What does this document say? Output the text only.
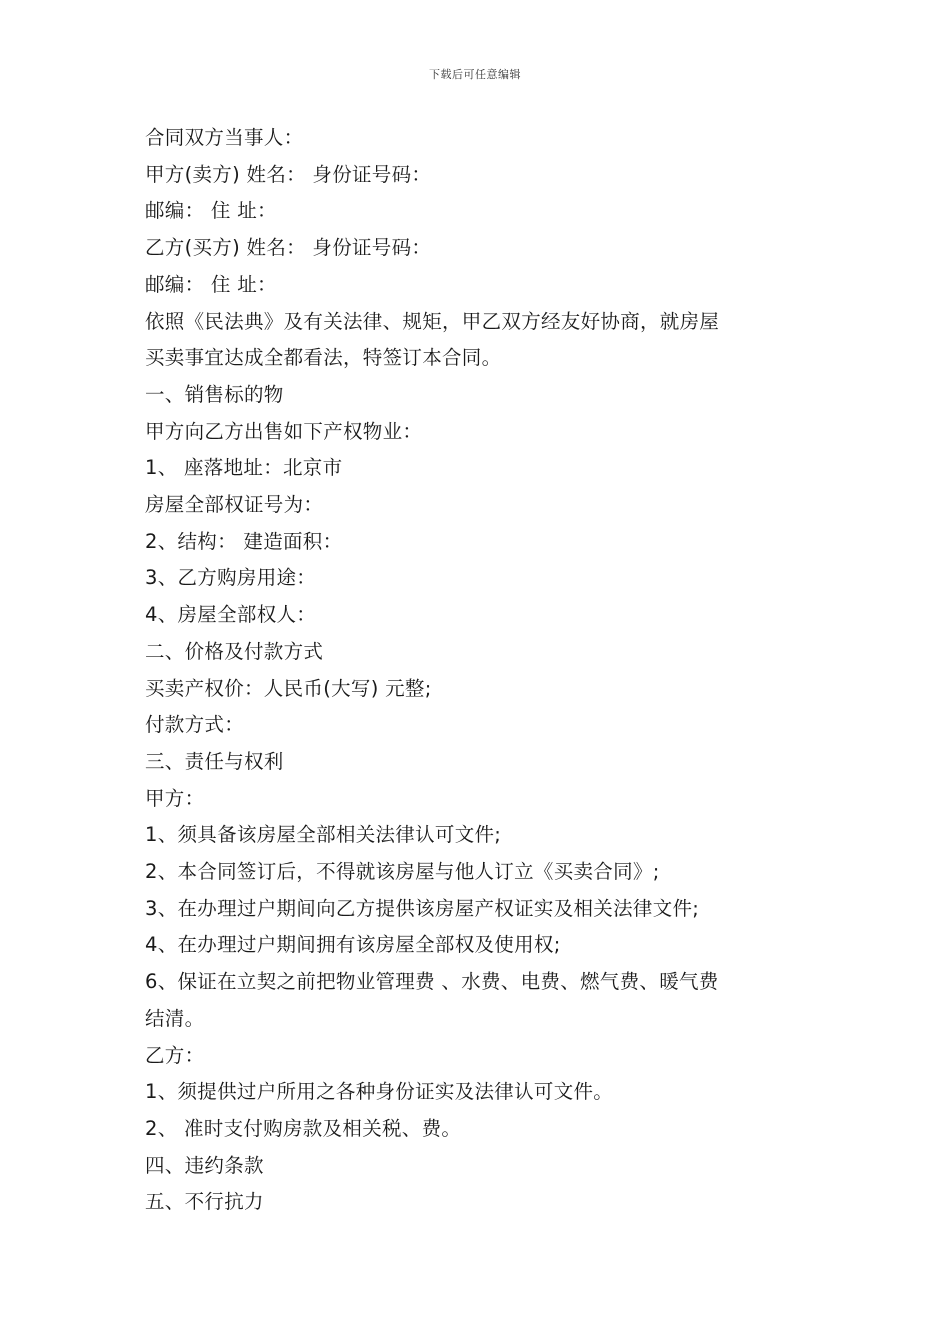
下载后可任意编辑
合同双方当事人：
甲方(卖方) 姓名： 身份证号码：
邮编： 住 址：
乙方(买方) 姓名： 身份证号码：
邮编： 住 址：
依照《民法典》及有关法律、规矩，甲乙双方经友好协商，就房屋
买卖事宜达成全都看法，特签订本合同。
一、销售标的物
甲方向乙方出售如下产权物业：
1、 座落地址：北京市
房屋全部权证号为：
2、结构： 建造面积：
3、乙方购房用途：
4、房屋全部权人：
二、价格及付款方式
买卖产权价：人民币(大写) 元整;
付款方式：
三、责任与权利
甲方：
1、须具备该房屋全部相关法律认可文件;
2、本合同签订后，不得就该房屋与他人订立《买卖合同》;
3、在办理过户期间向乙方提供该房屋产权证实及相关法律文件;
4、在办理过户期间拥有该房屋全部权及使用权;
6、保证在立契之前把物业管理费 、水费、电费、燃气费、暖气费
结清。
乙方：
1、须提供过户所用之各种身份证实及法律认可文件。
2、 准时支付购房款及相关税、费。
四、违约条款
五、不行抗力
